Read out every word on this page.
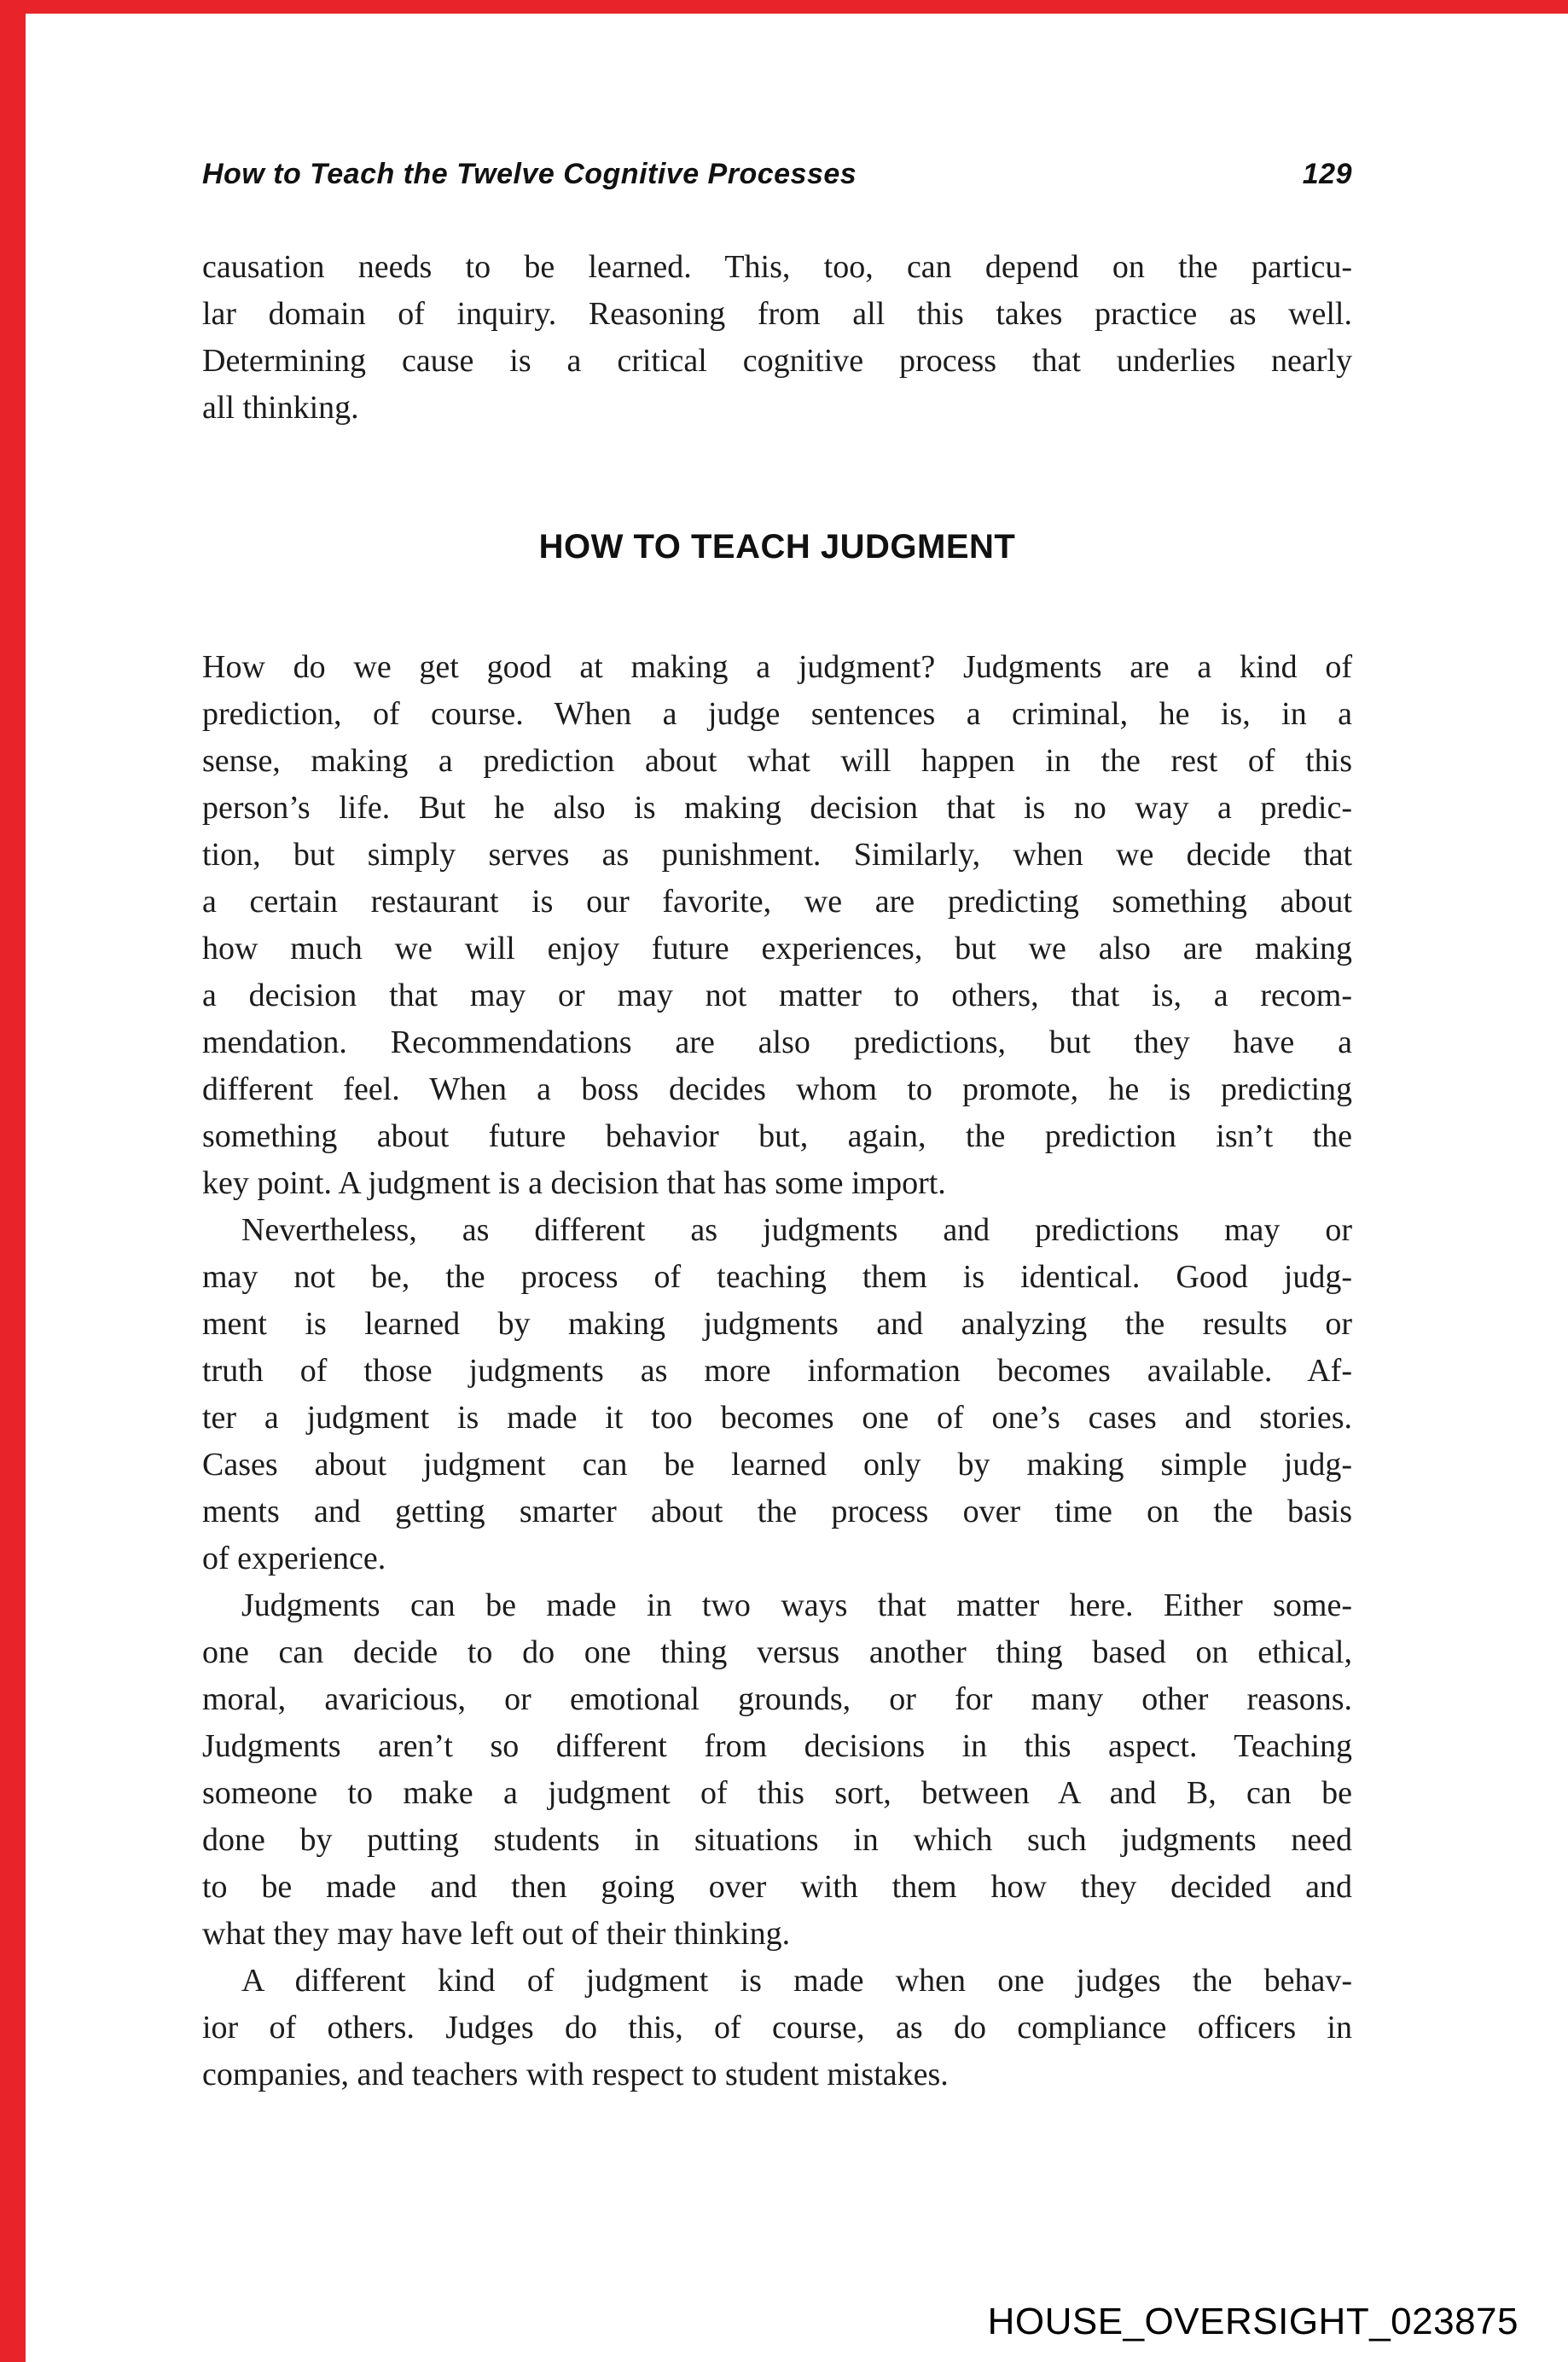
How to Teach the Twelve Cognitive Processes	129
causation needs to be learned. This, too, can depend on the particu-
lar domain of inquiry. Reasoning from all this takes practice as well.
Determining cause is a critical cognitive process that underlies nearly
all thinking.
HOW TO TEACH JUDGMENT
How do we get good at making a judgment? Judgments are a kind of
prediction, of course. When a judge sentences a criminal, he is, in a
sense, making a prediction about what will happen in the rest of this
person’s life. But he also is making decision that is no way a predic-
tion, but simply serves as punishment. Similarly, when we decide that
a certain restaurant is our favorite, we are predicting something about
how much we will enjoy future experiences, but we also are making
a decision that may or may not matter to others, that is, a recom-
mendation. Recommendations are also predictions, but they have a
different feel. When a boss decides whom to promote, he is predicting
something about future behavior but, again, the prediction isn’t the
key point. A judgment is a decision that has some import.
Nevertheless, as different as judgments and predictions may or
may not be, the process of teaching them is identical. Good judg-
ment is learned by making judgments and analyzing the results or
truth of those judgments as more information becomes available. Af-
ter a judgment is made it too becomes one of one’s cases and stories.
Cases about judgment can be learned only by making simple judg-
ments and getting smarter about the process over time on the basis
of experience.
Judgments can be made in two ways that matter here. Either some-
one can decide to do one thing versus another thing based on ethical,
moral, avaricious, or emotional grounds, or for many other reasons.
Judgments aren’t so different from decisions in this aspect. Teaching
someone to make a judgment of this sort, between A and B, can be
done by putting students in situations in which such judgments need
to be made and then going over with them how they decided and
what they may have left out of their thinking.
A different kind of judgment is made when one judges the behav-
ior of others. Judges do this, of course, as do compliance officers in
companies, and teachers with respect to student mistakes.
HOUSE_OVERSIGHT_023875
